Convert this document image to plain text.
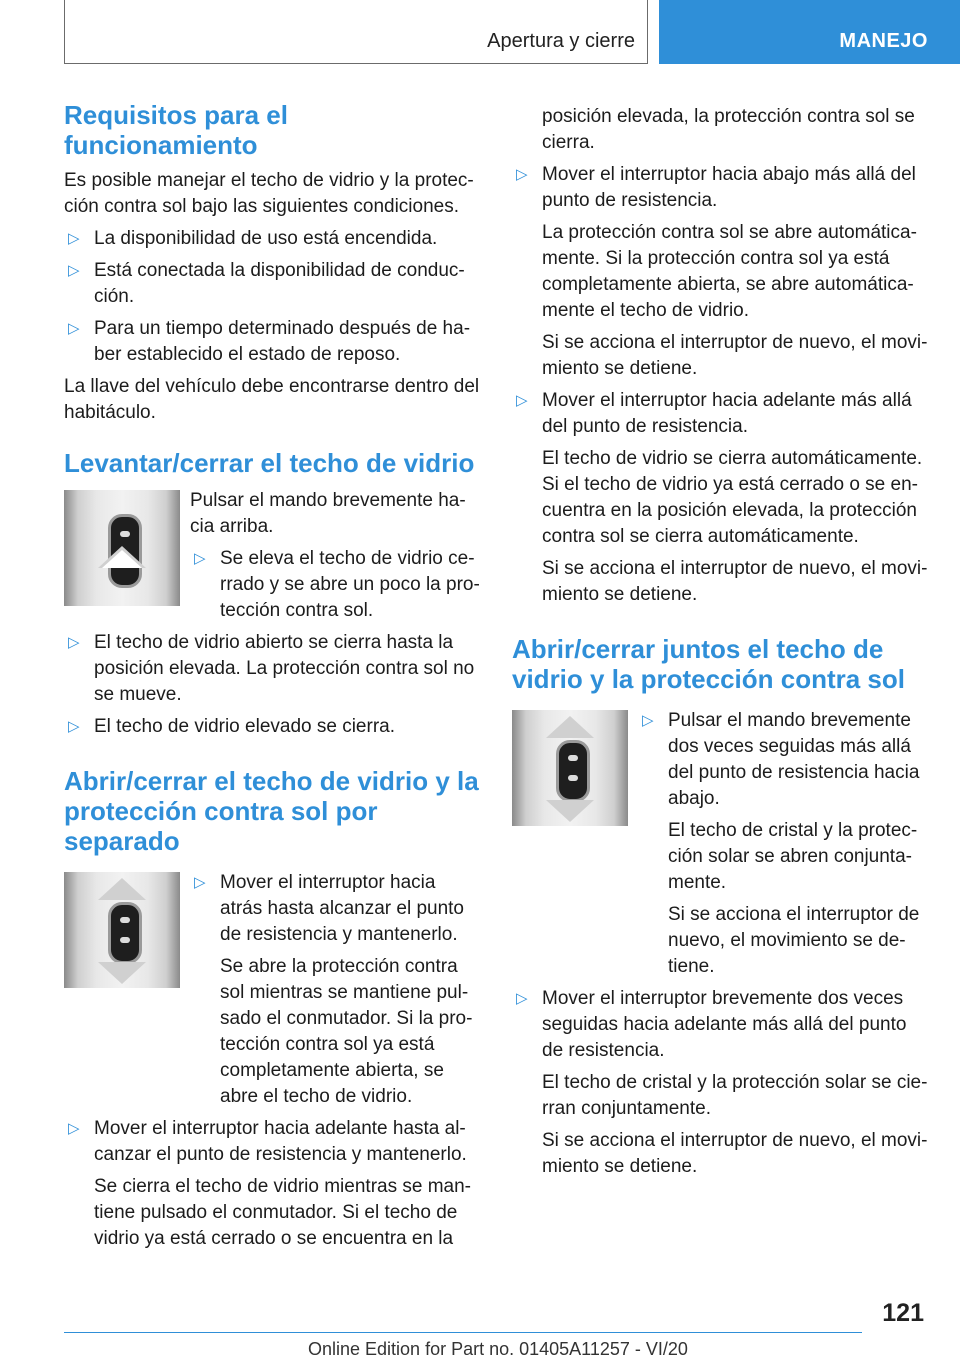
Apertura y cierre	MANEJO
Requisitos para el funcionamiento

Es posible manejar el techo de vidrio y la protec-ción contra sol bajo las siguientes condiciones.

▷ La disponibilidad de uso está encendida.
▷ Está conectada la disponibilidad de conduc-ción.
▷ Para un tiempo determinado después de ha-ber establecido el estado de reposo.

La llave del vehículo debe encontrarse dentro del habitáculo.

Levantar/cerrar el techo de vidrio

Pulsar el mando brevemente ha-cia arriba.

▷ Se eleva el techo de vidrio ce-rrado y se abre un poco la pro-tección contra sol.
▷ El techo de vidrio abierto se cierra hasta la posición elevada. La protección contra sol no se mueve.
▷ El techo de vidrio elevado se cierra.
Abrir/cerrar el techo de vidrio y la protección contra sol por separado
▷ Mover el interruptor hacia atrás hasta alcanzar el punto de resistencia y mantenerlo.

Se abre la protección contra sol mientras se mantiene pul-sado el conmutador. Si la pro-tección contra sol ya está completamente abierta, se abre el techo de vidrio.

▷ Mover el interruptor hacia adelante hasta al-canzar el punto de resistencia y mantenerlo.

Se cierra el techo de vidrio mientras se man-tiene pulsado el conmutador. Si el techo de vidrio ya está cerrado o se encuentra en la

posición elevada, la protección contra sol se cierra.

▷ Mover el interruptor hacia abajo más allá del punto de resistencia.

La protección contra sol se abre automática-mente. Si la protección contra sol ya está completamente abierta, se abre automática-mente el techo de vidrio.

Si se acciona el interruptor de nuevo, el movi-miento se detiene.

▷ Mover el interruptor hacia adelante más allá del punto de resistencia.

El techo de vidrio se cierra automáticamente. Si el techo de vidrio ya está cerrado o se en-cuentra en la posición elevada, la protección contra sol se cierra automáticamente.

Si se acciona el interruptor de nuevo, el movi-miento se detiene.

Abrir/cerrar juntos el techo de vidrio y la protección contra sol
▷ Pulsar el mando brevemente dos veces seguidas más allá del punto de resistencia hacia abajo.

El techo de cristal y la protec-ción solar se abren conjunta-mente.

Si se acciona el interruptor de nuevo, el movimiento se de-tiene.

▷ Mover el interruptor brevemente dos veces seguidas hacia adelante más allá del punto de resistencia.

El techo de cristal y la protección solar se cie-rran conjuntamente.

Si se acciona el interruptor de nuevo, el movi-miento se detiene.

121
Online Edition for Part no. 01405A11257 - VI/20
